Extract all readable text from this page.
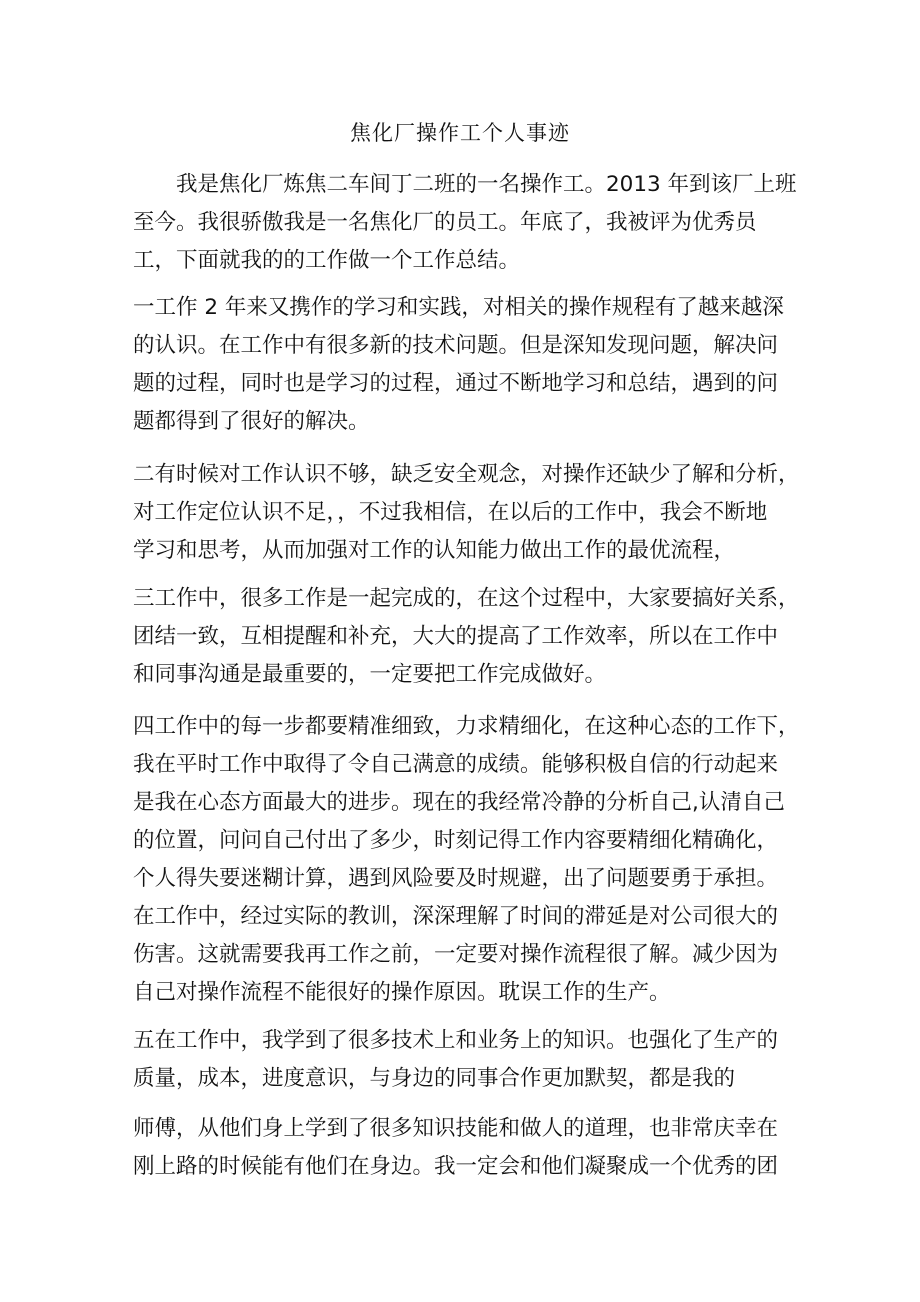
焦化厂操作工个人事迹
我是焦化厂炼焦二车间丁二班的一名操作工。2013 年到该厂上班
至今。我很骄傲我是一名焦化厂的员工。年底了，我被评为优秀员
工，下面就我的的工作做一个工作总结。
一工作 2 年来又携作的学习和实践，对相关的操作规程有了越来越深
的认识。在工作中有很多新的技术问题。但是深知发现问题，解决问
题的过程，同时也是学习的过程，通过不断地学习和总结，遇到的问
题都得到了很好的解决。
二有时候对工作认识不够，缺乏安全观念，对操作还缺少了解和分析，
对工作定位认识不足，，不过我相信，在以后的工作中，我会不断地
学习和思考，从而加强对工作的认知能力做出工作的最优流程，
三工作中，很多工作是一起完成的，在这个过程中，大家要搞好关系，
团结一致，互相提醒和补充，大大的提高了工作效率，所以在工作中
和同事沟通是最重要的，一定要把工作完成做好。
四工作中的每一步都要精准细致，力求精细化，在这种心态的工作下，
我在平时工作中取得了令自己满意的成绩。能够积极自信的行动起来
是我在心态方面最大的进步。现在的我经常冷静的分析自己,认清自己
的位置，问问自己付出了多少，时刻记得工作内容要精细化精确化，
个人得失要迷糊计算，遇到风险要及时规避，出了问题要勇于承担。
在工作中，经过实际的教训，深深理解了时间的滞延是对公司很大的
伤害。这就需要我再工作之前，一定要对操作流程很了解。减少因为
自己对操作流程不能很好的操作原因。耽误工作的生产。
五在工作中，我学到了很多技术上和业务上的知识。也强化了生产的
质量，成本，进度意识，与身边的同事合作更加默契，都是我的
师傅，从他们身上学到了很多知识技能和做人的道理，也非常庆幸在
刚上路的时候能有他们在身边。我一定会和他们凝聚成一个优秀的团
